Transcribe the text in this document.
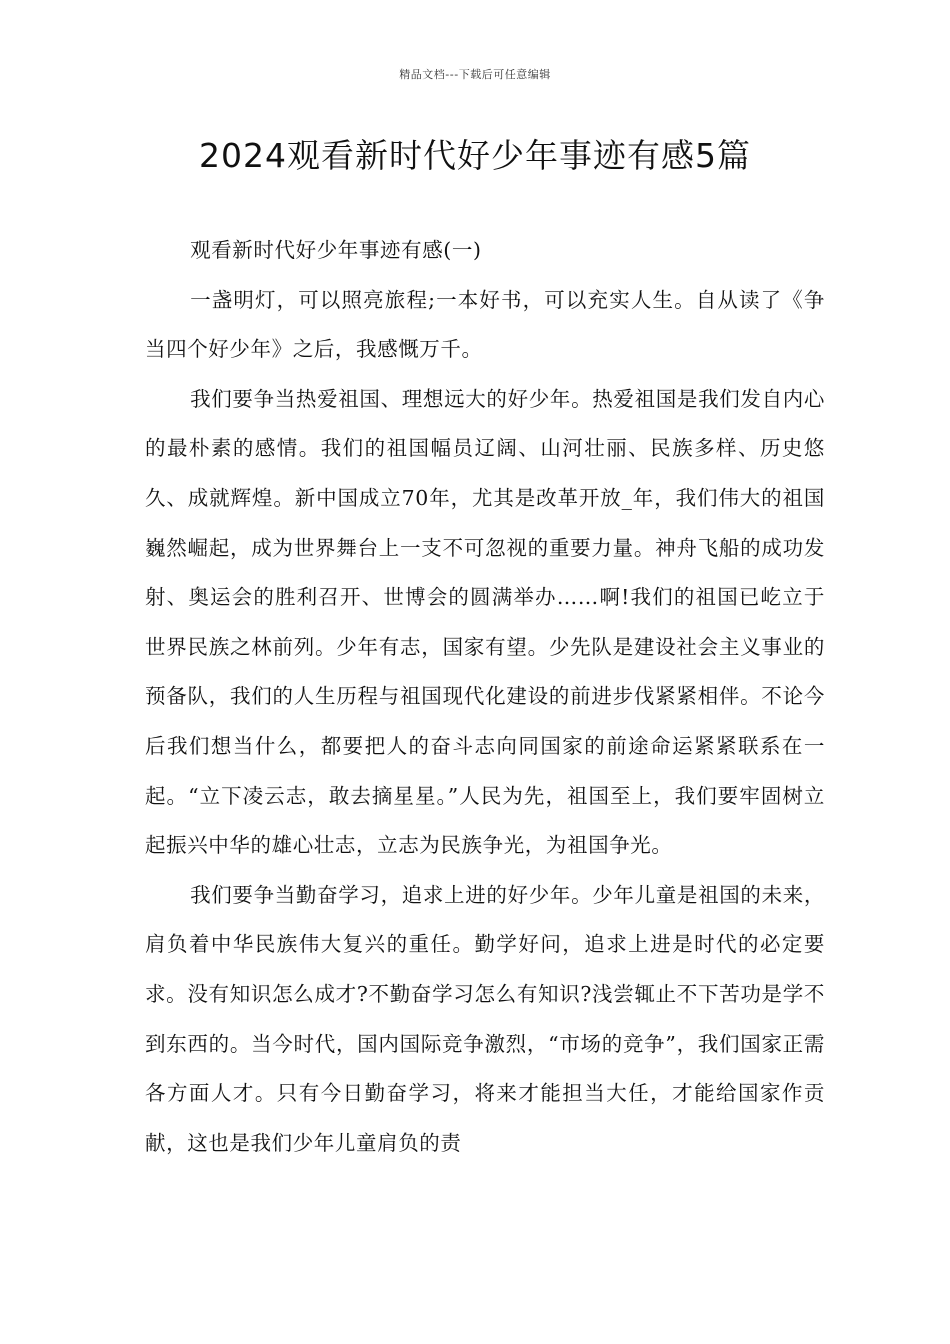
精品文档---下载后可任意编辑
2024观看新时代好少年事迹有感5篇

观看新时代好少年事迹有感(一)

一盏明灯，可以照亮旅程;一本好书，可以充实人生。自从读了《争当四个好少年》之后，我感慨万千。

我们要争当热爱祖国、理想远大的好少年。热爱祖国是我们发自内心的最朴素的感情。我们的祖国幅员辽阔、山河壮丽、民族多样、历史悠久、成就辉煌。新中国成立70年，尤其是改革开放_年，我们伟大的祖国巍然崛起，成为世界舞台上一支不可忽视的重要力量。神舟飞船的成功发射、奥运会的胜利召开、世博会的圆满举办……啊!我们的祖国已屹立于世界民族之林前列。少年有志，国家有望。少先队是建设社会主义事业的预备队，我们的人生历程与祖国现代化建设的前进步伐紧紧相伴。不论今后我们想当什么，都要把人的奋斗志向同国家的前途命运紧紧联系在一起。“立下凌云志，敢去摘星星。”人民为先，祖国至上，我们要牢固树立起振兴中华的雄心壮志，立志为民族争光，为祖国争光。

我们要争当勤奋学习，追求上进的好少年。少年儿童是祖国的未来，肩负着中华民族伟大复兴的重任。勤学好问，追求上进是时代的必定要求。没有知识怎么成才?不勤奋学习怎么有知识?浅尝辄止不下苦功是学不到东西的。当今时代，国内国际竞争激烈，“市场的竞争”，我们国家正需各方面人才。只有今日勤奋学习，将来才能担当大任，才能给国家作贡献，这也是我们少年儿童肩负的责
